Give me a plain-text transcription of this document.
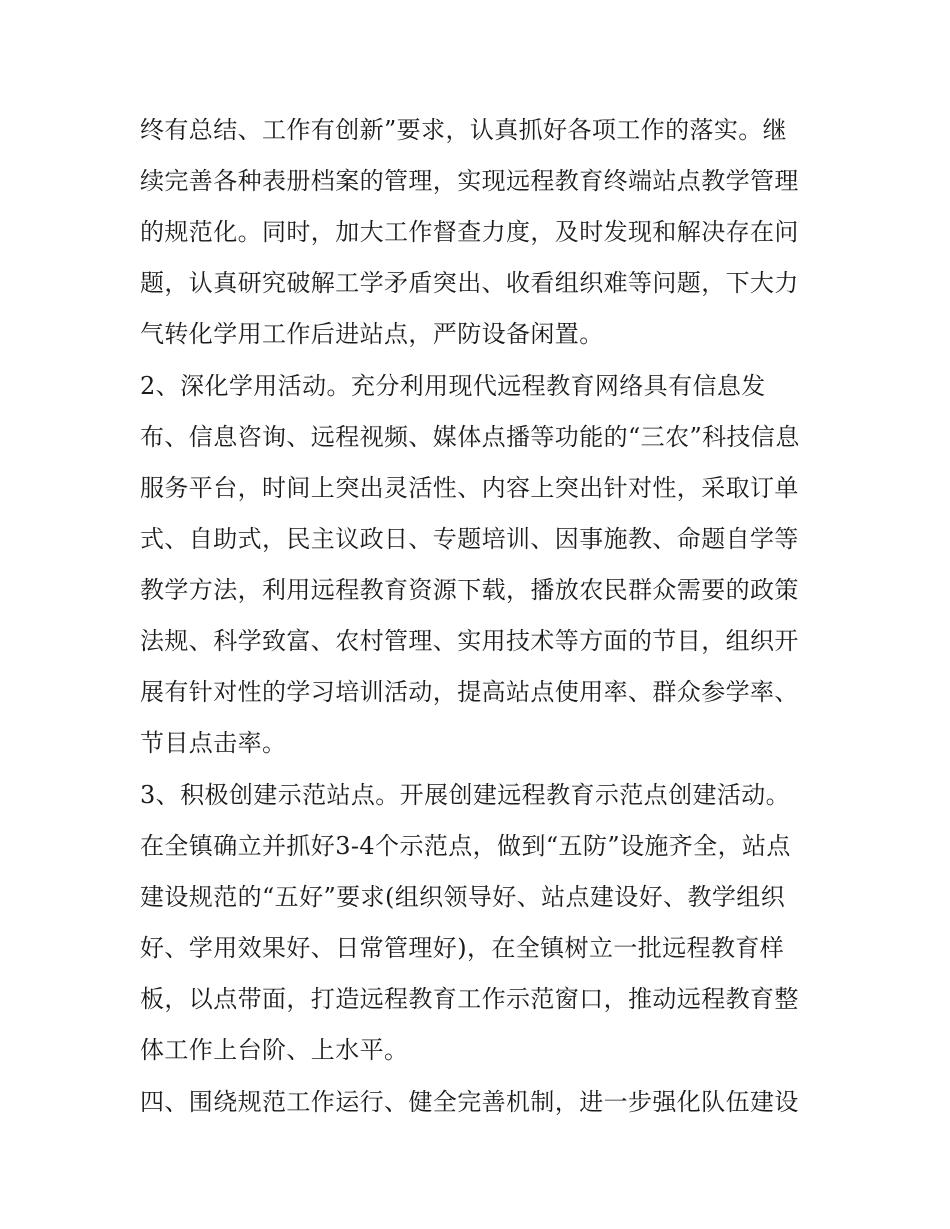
终有总结、工作有创新”要求，认真抓好各项工作的落实。继
续完善各种表册档案的管理，实现远程教育终端站点教学管理
的规范化。同时，加大工作督查力度，及时发现和解决存在问
题，认真研究破解工学矛盾突出、收看组织难等问题，下大力
气转化学用工作后进站点，严防设备闲置。
2、深化学用活动。充分利用现代远程教育网络具有信息发
布、信息咨询、远程视频、媒体点播等功能的“三农”科技信息
服务平台，时间上突出灵活性、内容上突出针对性，采取订单
式、自助式，民主议政日、专题培训、因事施教、命题自学等
教学方法，利用远程教育资源下载，播放农民群众需要的政策
法规、科学致富、农村管理、实用技术等方面的节目，组织开
展有针对性的学习培训活动，提高站点使用率、群众参学率、
节目点击率。
3、积极创建示范站点。开展创建远程教育示范点创建活动。
在全镇确立并抓好3-4个示范点，做到“五防”设施齐全，站点
建设规范的“五好”要求(组织领导好、站点建设好、教学组织
好、学用效果好、日常管理好)，在全镇树立一批远程教育样
板，以点带面，打造远程教育工作示范窗口，推动远程教育整
体工作上台阶、上水平。
四、围绕规范工作运行、健全完善机制，进一步强化队伍建设
